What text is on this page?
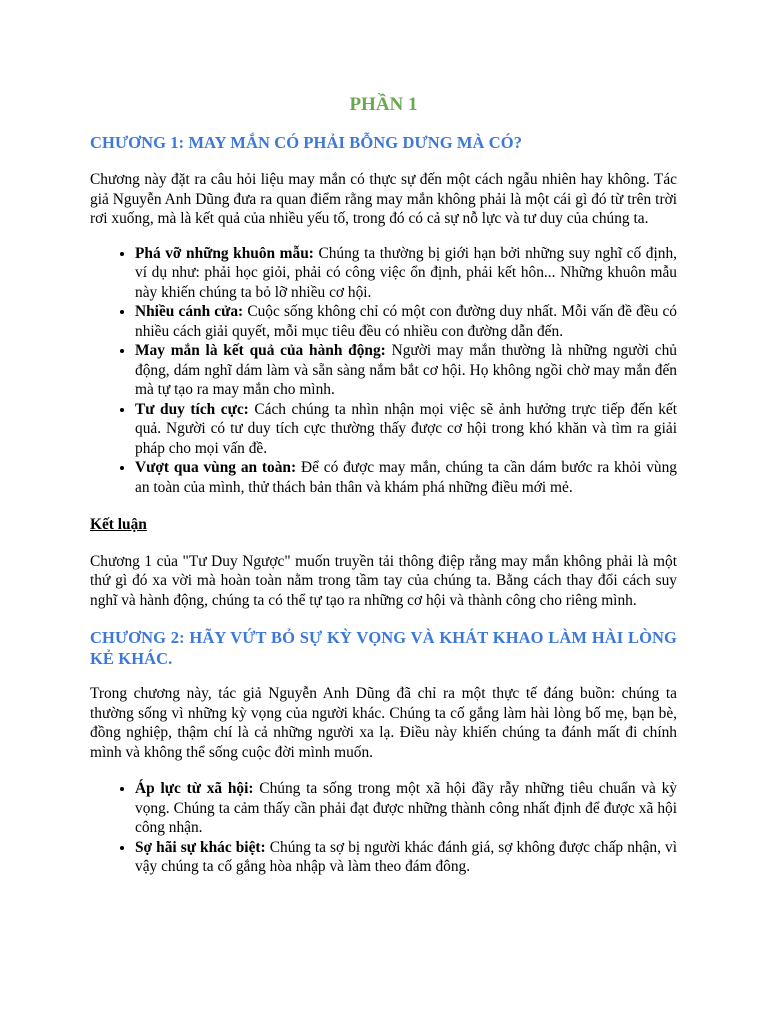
PHẦN 1
CHƯƠNG 1: MAY MẮN CÓ PHẢI BỖNG DƯNG MÀ CÓ?

Chương này đặt ra câu hỏi liệu may mắn có thực sự đến một cách ngẫu nhiên hay không. Tác giả Nguyễn Anh Dũng đưa ra quan điểm rằng may mắn không phải là một cái gì đó từ trên trời rơi xuống, mà là kết quả của nhiều yếu tố, trong đó có cả sự nỗ lực và tư duy của chúng ta.

• Phá vỡ những khuôn mẫu: Chúng ta thường bị giới hạn bởi những suy nghĩ cố định, ví dụ như: phải học giỏi, phải có công việc ổn định, phải kết hôn... Những khuôn mẫu này khiến chúng ta bỏ lỡ nhiều cơ hội.
• Nhiều cánh cửa: Cuộc sống không chỉ có một con đường duy nhất. Mỗi vấn đề đều có nhiều cách giải quyết, mỗi mục tiêu đều có nhiều con đường dẫn đến.
• May mắn là kết quả của hành động: Người may mắn thường là những người chủ động, dám nghĩ dám làm và sẵn sàng nắm bắt cơ hội. Họ không ngồi chờ may mắn đến mà tự tạo ra may mắn cho mình.
• Tư duy tích cực: Cách chúng ta nhìn nhận mọi việc sẽ ảnh hưởng trực tiếp đến kết quả. Người có tư duy tích cực thường thấy được cơ hội trong khó khăn và tìm ra giải pháp cho mọi vấn đề.
• Vượt qua vùng an toàn: Để có được may mắn, chúng ta cần dám bước ra khỏi vùng an toàn của mình, thử thách bản thân và khám phá những điều mới mẻ.
Kết luận

Chương 1 của "Tư Duy Ngược" muốn truyền tải thông điệp rằng may mắn không phải là một thứ gì đó xa vời mà hoàn toàn nằm trong tầm tay của chúng ta. Bằng cách thay đổi cách suy nghĩ và hành động, chúng ta có thể tự tạo ra những cơ hội và thành công cho riêng mình.

CHƯƠNG 2: HÃY VỨT BỎ SỰ KỲ VỌNG VÀ KHÁT KHAO LÀM HÀI LÒNG KẺ KHÁC.

Trong chương này, tác giả Nguyễn Anh Dũng đã chỉ ra một thực tế đáng buồn: chúng ta thường sống vì những kỳ vọng của người khác. Chúng ta cố gắng làm hài lòng bố mẹ, bạn bè, đồng nghiệp, thậm chí là cả những người xa lạ. Điều này khiến chúng ta đánh mất đi chính mình và không thể sống cuộc đời mình muốn.

• Áp lực từ xã hội: Chúng ta sống trong một xã hội đầy rẫy những tiêu chuẩn và kỳ vọng. Chúng ta cảm thấy cần phải đạt được những thành công nhất định để được xã hội công nhận.
• Sợ hãi sự khác biệt: Chúng ta sợ bị người khác đánh giá, sợ không được chấp nhận, vì vậy chúng ta cố gắng hòa nhập và làm theo đám đông.
